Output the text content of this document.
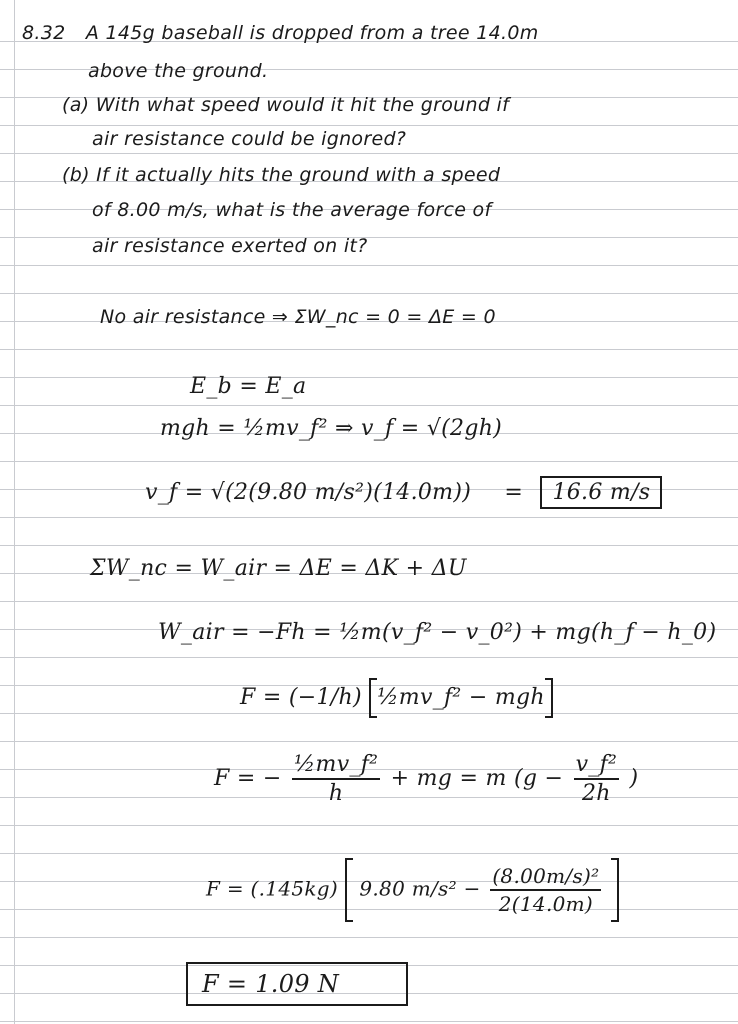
8.32 A 145g baseball is dropped from a tree 14.0m
above the ground.
(a) With what speed would it hit the ground if
air resistance could be ignored?
(b) If it actually hits the ground with a speed
of 8.00 m/s, what is the average force of
air resistance exerted on it?
No air resistance ⇒ ΣW_nc = 0 = ΔE = 0
E_b = E_a
mgh = ½mv_f² ⇒ v_f = √(2gh)
v_f = √(2(9.80 m/s²)(14.0m)) = 16.6 m/s
ΣW_nc = W_air = ΔE = ΔK + ΔU
W_air = −Fh = ½m(v_f² − v_0²) + mg(h_f − h_0)
F = (−1/h) ½mv_f² − mgh
F = − $\frac{\text{½mv\_f²}}{h}$ + mg = m ($g - \frac{\text{v\_f²}}{2h}$ )
F = (.145kg) 9.80 $m/s^2 - \frac{\text{(8.00m/s)²}}{2(14.0m)}$

F = 1.09 N
